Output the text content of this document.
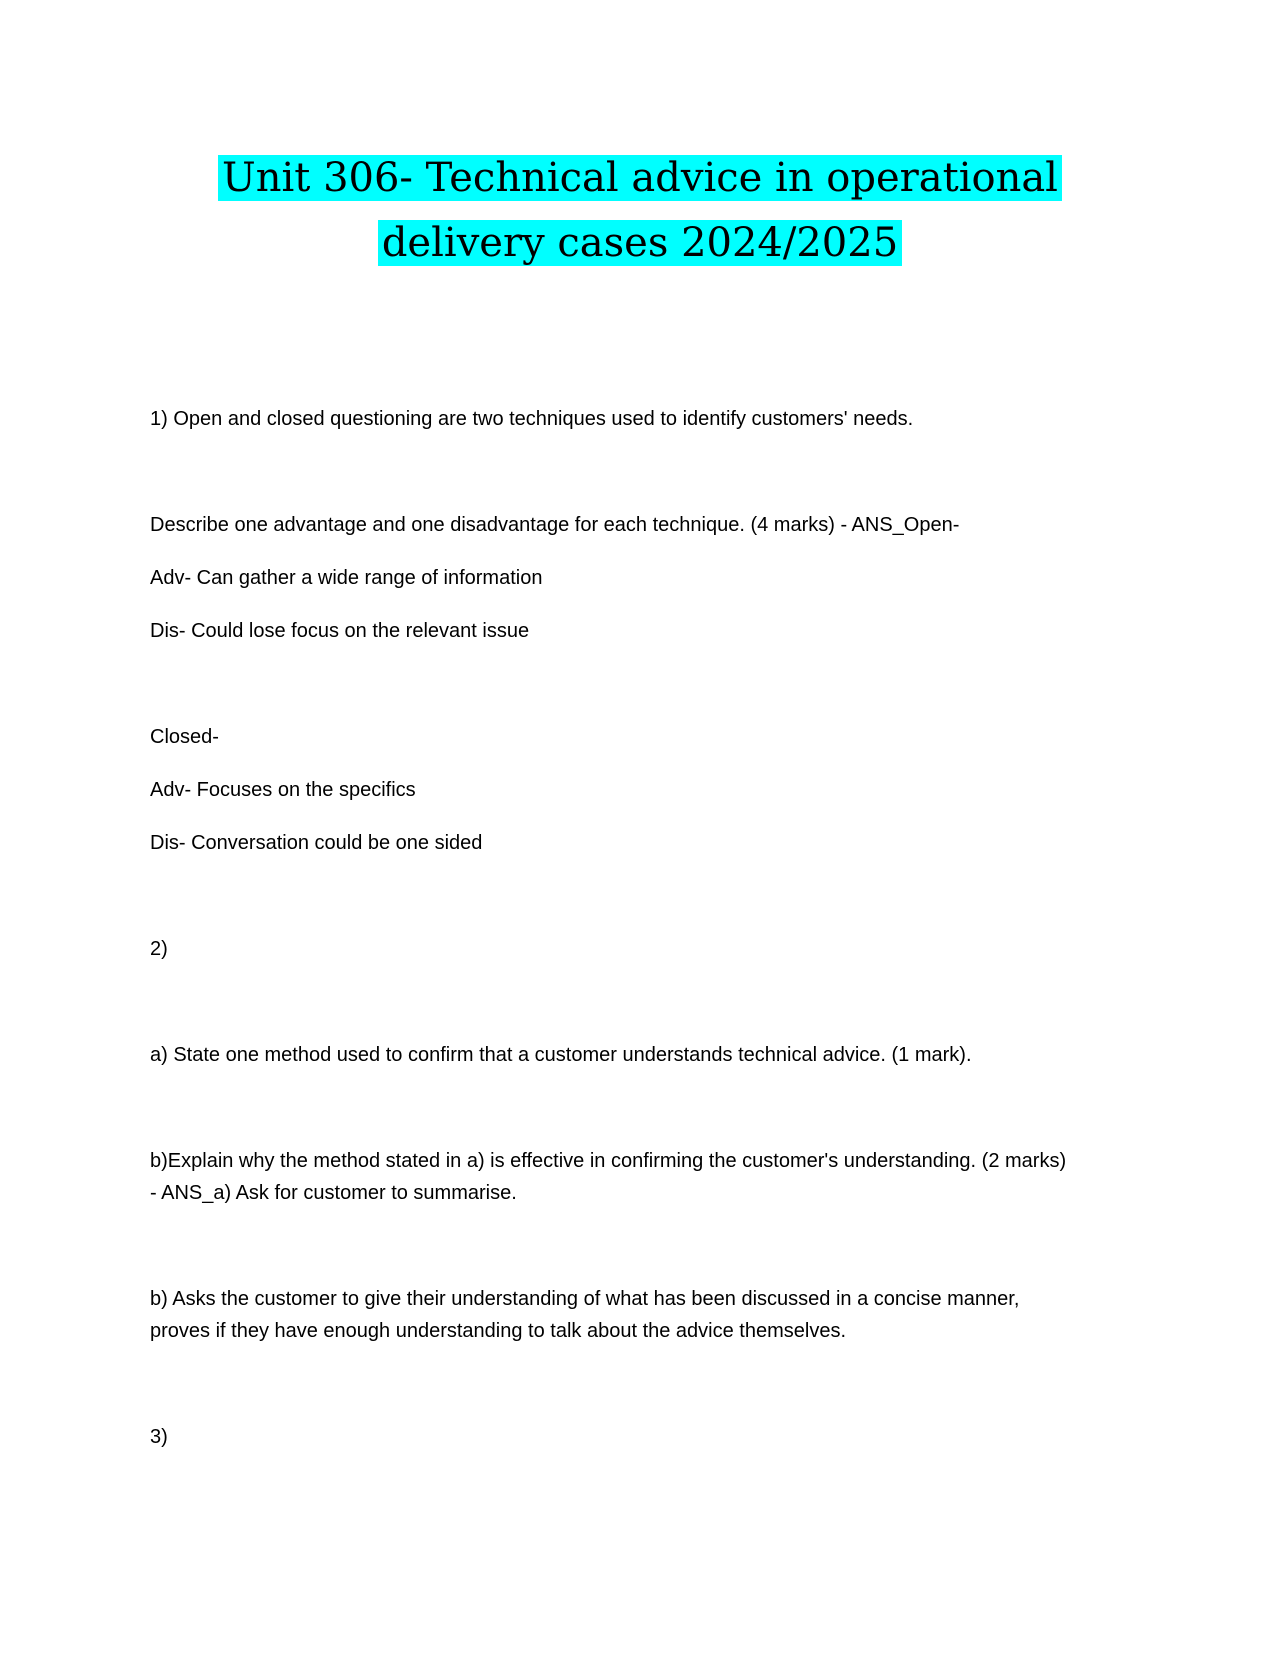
Unit 306- Technical advice in operational
delivery cases 2024/2025
1) Open and closed questioning are two techniques used to identify customers' needs.
Describe one advantage and one disadvantage for each technique. (4 marks) - ANS_Open-
Adv- Can gather a wide range of information
Dis- Could lose focus on the relevant issue
Closed-
Adv- Focuses on the specifics
Dis- Conversation could be one sided
2)
a) State one method used to confirm that a customer understands technical advice. (1 mark).
b)Explain why the method stated in a) is effective in confirming the customer's understanding. (2 marks)
- ANS_a) Ask for customer to summarise.
b) Asks the customer to give their understanding of what has been discussed in a concise manner,
proves if they have enough understanding to talk about the advice themselves.
3)
